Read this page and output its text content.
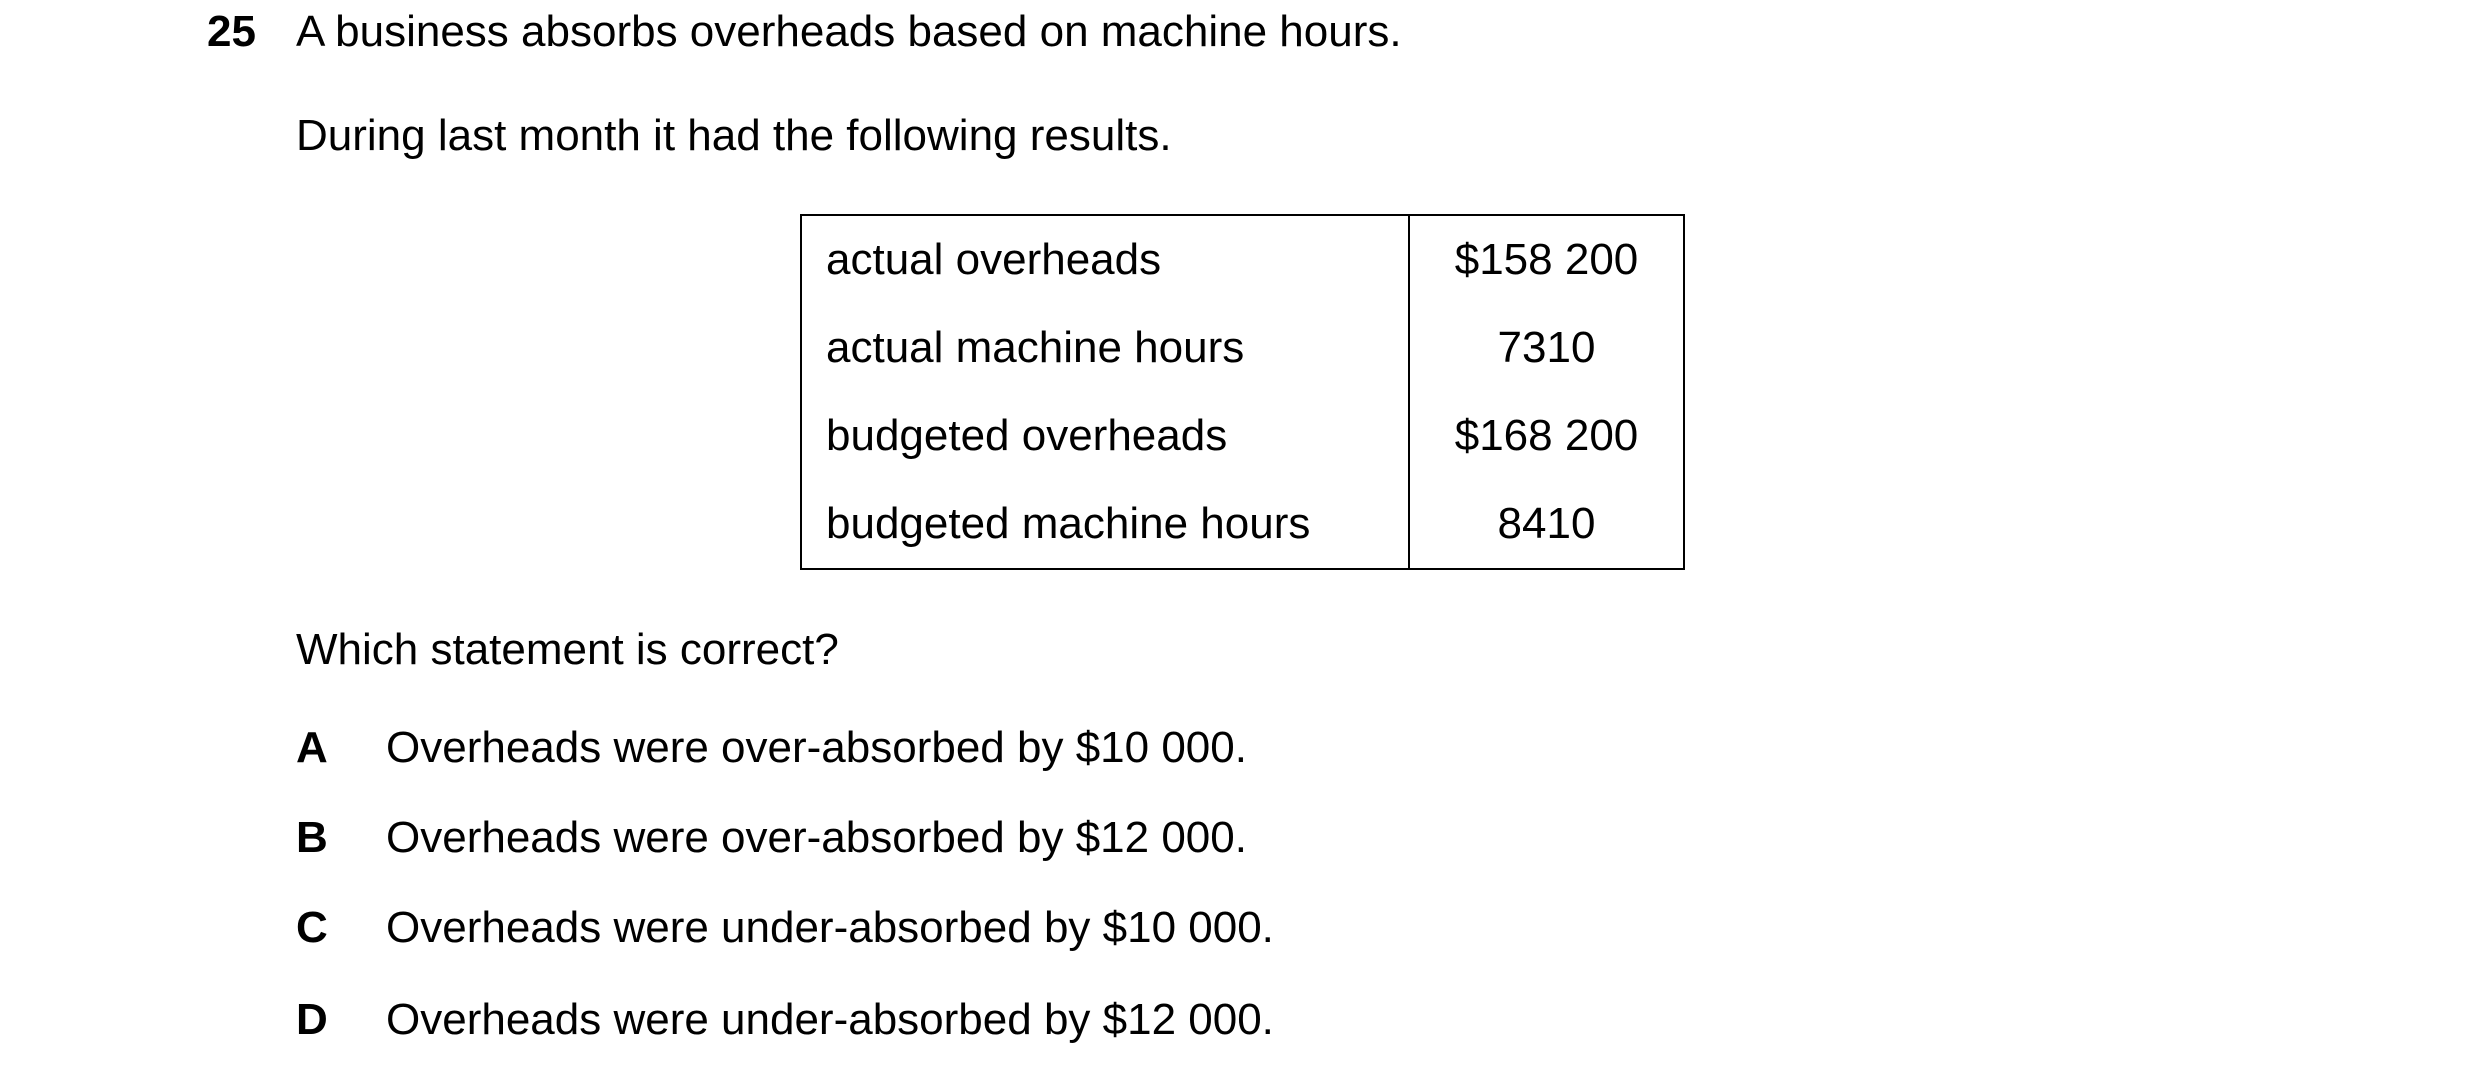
25 A business absorbs overheads based on machine hours.
During last month it had the following results.
actual overheads	$158 200
actual machine hours	7310
budgeted overheads	$168 200
budgeted machine hours	8410
Which statement is correct?
A Overheads were over-absorbed by $10 000.
B Overheads were over-absorbed by $12 000.
C Overheads were under-absorbed by $10 000.
D Overheads were under-absorbed by $12 000.
